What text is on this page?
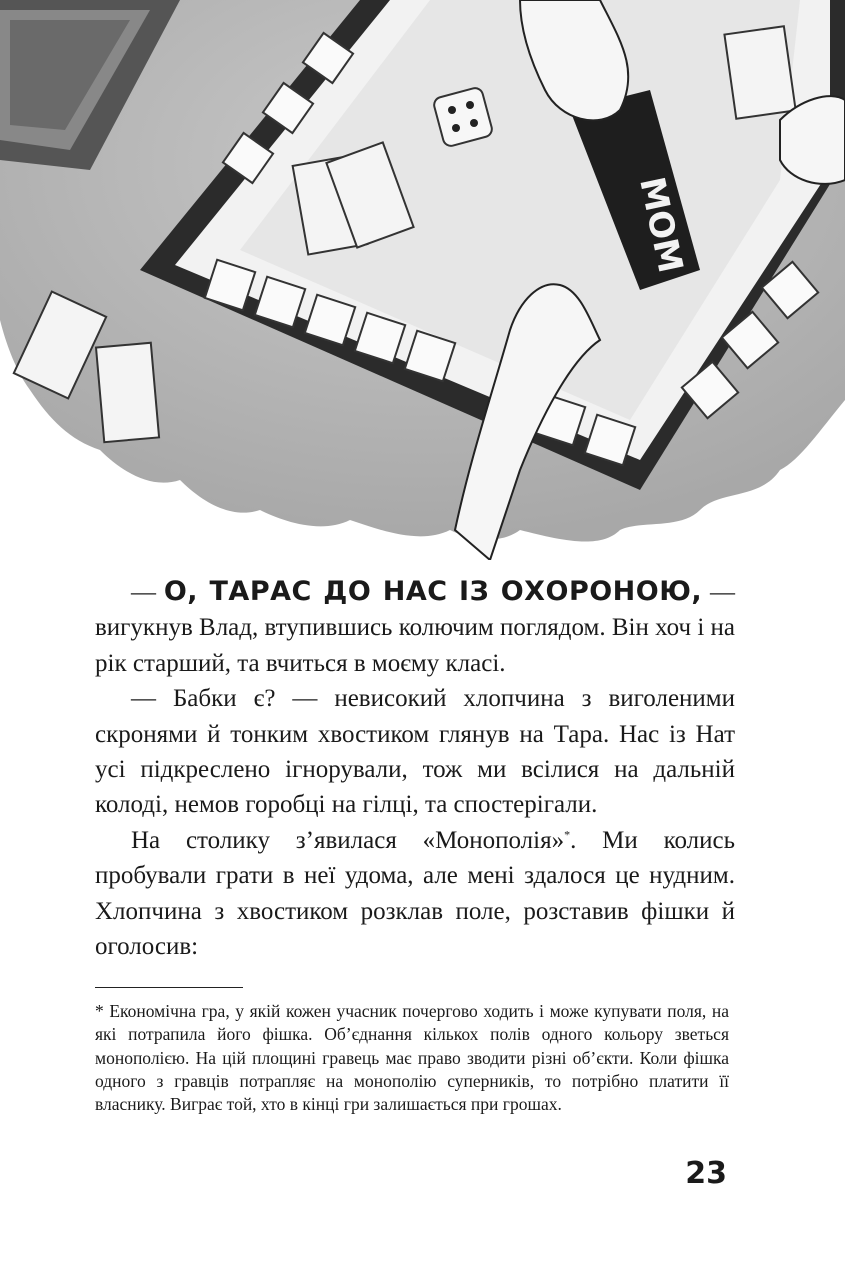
МОМ

— О, ТАРАС ДО НАС ІЗ ОХОРОНОЮ, — вигукнув Влад, втупившись колючим поглядом. Він хоч і на рік старший, та вчиться в моєму класі.

— Бабки є? — невисокий хлопчина з виголеними скронями й тонким хвостиком глянув на Тара. Нас із Нат усі підкреслено ігнорували, тож ми всілися на дальній колоді, немов горобці на гілці, та спостерігали.

На столику з’явилася «Монополія»*. Ми колись пробували грати в неї удома, але мені здалося це нудним. Хлопчина з хвостиком розклав поле, розставив фішки й оголосив:

* Економічна гра, у якій кожен учасник почергово ходить і може купувати поля, на які потрапила його фішка. Об’єднання кількох полів одного кольору зветься монополією. На цій площині гравець має право зводити різні об’єкти. Коли фішка одного з гравців потрапляє на монополію суперників, то потрібно платити її власнику. Виграє той, хто в кінці гри залишається при грошах.

23
